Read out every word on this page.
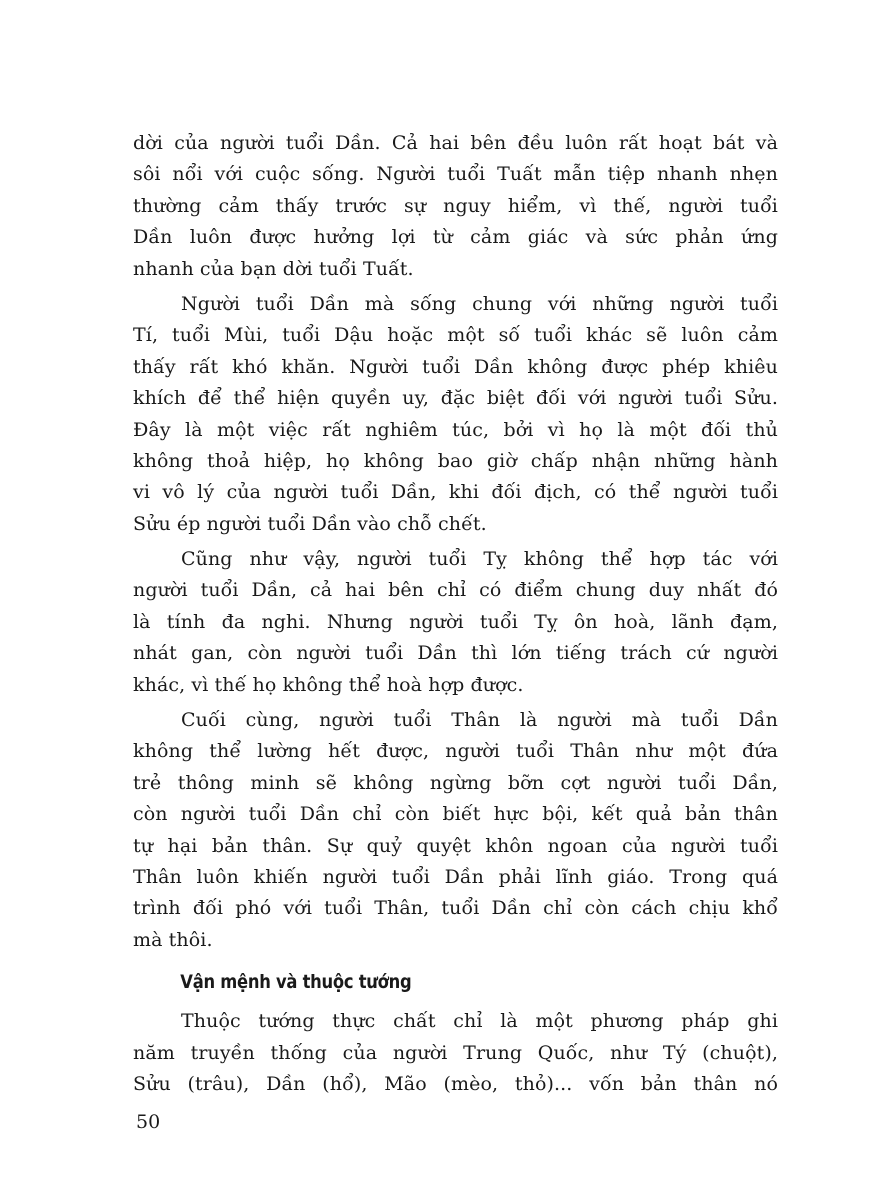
dời của người tuổi Dần. Cả hai bên đều luôn rất hoạt bát và
sôi nổi với cuộc sống. Người tuổi Tuất mẫn tiệp nhanh nhẹn
thường cảm thấy trước sự nguy hiểm, vì thế, người tuổi
Dần luôn được hưởng lợi từ cảm giác và sức phản ứng
nhanh của bạn dời tuổi Tuất.
Người tuổi Dần mà sống chung với những người tuổi
Tí, tuổi Mùi, tuổi Dậu hoặc một số tuổi khác sẽ luôn cảm
thấy rất khó khăn. Người tuổi Dần không được phép khiêu
khích để thể hiện quyền uy, đặc biệt đối với người tuổi Sửu.
Đây là một việc rất nghiêm túc, bởi vì họ là một đối thủ
không thoả hiệp, họ không bao giờ chấp nhận những hành
vi vô lý của người tuổi Dần, khi đối địch, có thể người tuổi
Sửu ép người tuổi Dần vào chỗ chết.
Cũng như vậy, người tuổi Tỵ không thể hợp tác với
người tuổi Dần, cả hai bên chỉ có điểm chung duy nhất đó
là tính đa nghi. Nhưng người tuổi Tỵ ôn hoà, lãnh đạm,
nhát gan, còn người tuổi Dần thì lớn tiếng trách cứ người
khác, vì thế họ không thể hoà hợp được.
Cuối cùng, người tuổi Thân là người mà tuổi Dần
không thể lường hết được, người tuổi Thân như một đứa
trẻ thông minh sẽ không ngừng bỡn cợt người tuổi Dần,
còn người tuổi Dần chỉ còn biết hực bội, kết quả bản thân
tự hại bản thân. Sự quỷ quyệt khôn ngoan của người tuổi
Thân luôn khiến người tuổi Dần phải lĩnh giáo. Trong quá
trình đối phó với tuổi Thân, tuổi Dần chỉ còn cách chịu khổ
mà thôi.
Vận mệnh và thuộc tướng
Thuộc tướng thực chất chỉ là một phương pháp ghi
năm truyền thống của người Trung Quốc, như Tý (chuột),
Sửu (trâu), Dần (hổ), Mão (mèo, thỏ)... vốn bản thân nó
50
